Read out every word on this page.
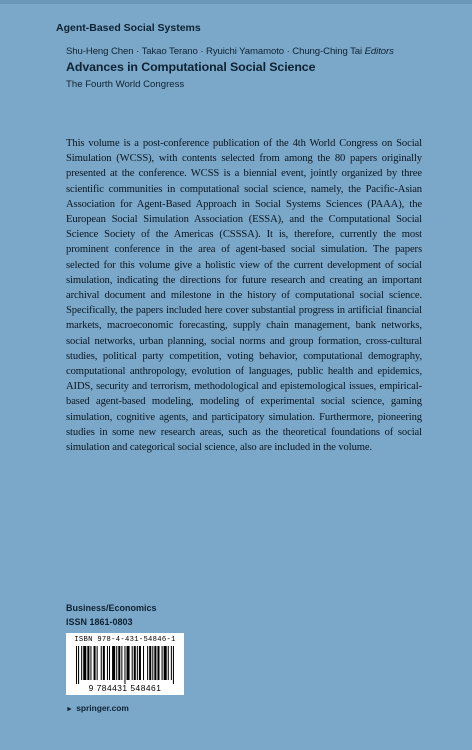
Agent-Based Social Systems
Shu-Heng Chen · Takao Terano · Ryuichi Yamamoto · Chung-Ching Tai Editors
Advances in Computational Social Science
The Fourth World Congress

This volume is a post-conference publication of the 4th World Congress on Social Simulation (WCSS), with contents selected from among the 80 papers originally presented at the conference. WCSS is a biennial event, jointly organized by three scientific communities in computational social science, namely, the Pacific-Asian Association for Agent-Based Approach in Social Systems Sciences (PAAA), the European Social Simulation Association (ESSA), and the Computational Social Science Society of the Americas (CSSSA). It is, therefore, currently the most prominent conference in the area of agent-based social simulation. The papers selected for this volume give a holistic view of the current development of social simulation, indicating the directions for future research and creating an important archival document and milestone in the history of computational social science. Specifically, the papers included here cover substantial progress in artificial financial markets, macroeconomic forecasting, supply chain management, bank networks, social networks, urban planning, social norms and group formation, cross-cultural studies, political party competition, voting behavior, computational demography, computational anthropology, evolution of languages, public health and epidemics, AIDS, security and terrorism, methodological and epistemological issues, empirical-based agent-based modeling, modeling of experimental social science, gaming simulation, cognitive agents, and participatory simulation. Furthermore, pioneering studies in some new research areas, such as the theoretical foundations of social simulation and categorical social science, also are included in the volume.

Business/Economics
ISSN 1861-0803
ISBN 978-4-431-54846-1
9 784431 548461
► springer.com
